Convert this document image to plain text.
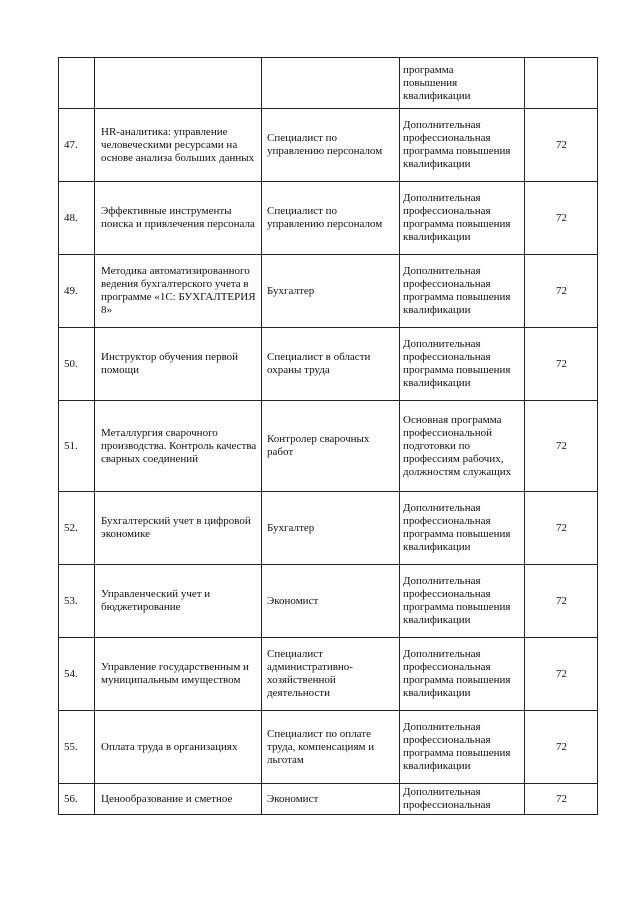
			программа
повышения
квалификации	
47.	HR-аналитика: управление человеческими ресурсами на основе анализа больших данных	Специалист по управлению персоналом	Дополнительная профессиональная программа повышения квалификации	72
48.	Эффективные инструменты поиска и привлечения персонала	Специалист по управлению персоналом	Дополнительная профессиональная программа повышения квалификации	72
49.	Методика автоматизированного ведения бухгалтерского учета в программе «1С: БУХГАЛТЕРИЯ 8»	Бухгалтер	Дополнительная профессиональная программа повышения квалификации	72
50.	Инструктор обучения первой помощи	Специалист в области охраны труда	Дополнительная профессиональная программа повышения квалификации	72
51.	Металлургия сварочного производства. Контроль качества сварных соединений	Контролер сварочных работ	Основная программа профессиональной подготовки по профессиям рабочих, должностям служащих	72
52.	Бухгалтерский учет в цифровой экономике	Бухгалтер	Дополнительная профессиональная программа повышения квалификации	72
53.	Управленческий учет и бюджетирование	Экономист	Дополнительная профессиональная программа повышения квалификации	72
54.	Управление государственным и муниципальным имуществом	Специалист административно-хозяйственной деятельности	Дополнительная профессиональная программа повышения квалификации	72
55.	Оплата труда в организациях	Специалист по оплате труда, компенсациям и льготам	Дополнительная профессиональная программа повышения квалификации	72
56.	Ценообразование и сметное	Экономист	Дополнительная профессиональная	72
